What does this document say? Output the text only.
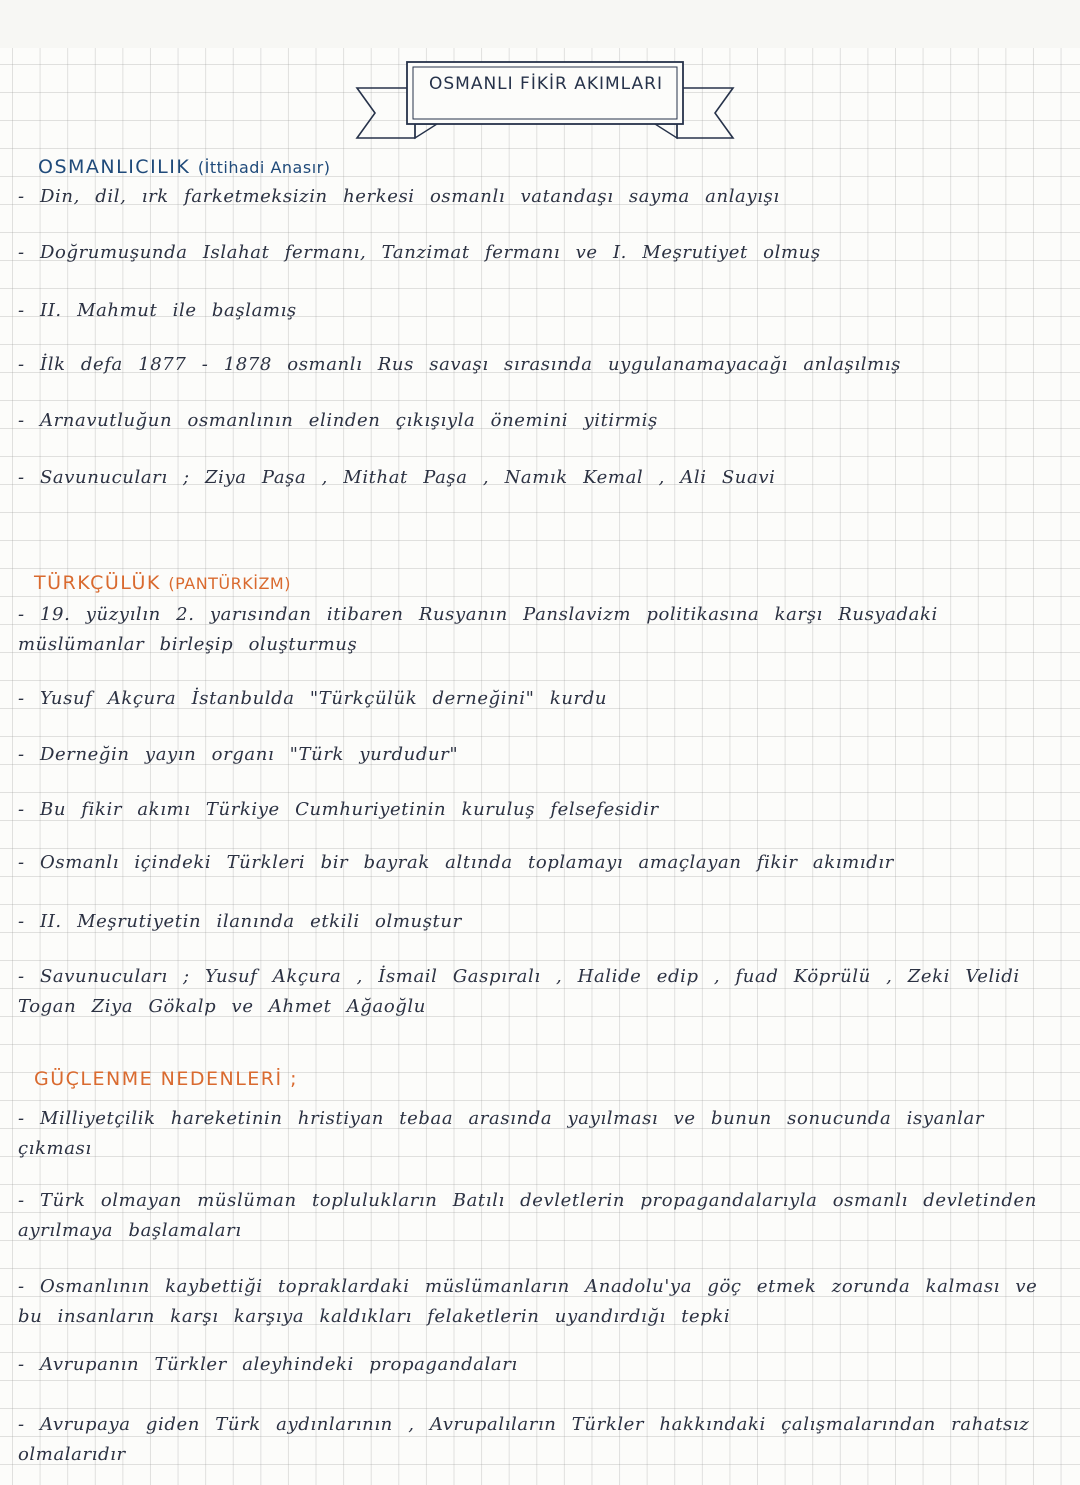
OSMANLI FİKİR AKIMLARI
OSMANLICILIK (İttihadi Anasır)
- Din, dil, ırk farketmeksizin herkesi osmanlı vatandaşı sayma anlayışı
- Doğrumuşunda Islahat fermanı, Tanzimat fermanı ve I. Meşrutiyet olmuş
- II. Mahmut ile başlamış
- İlk defa 1877 - 1878 osmanlı Rus savaşı sırasında uygulanamayacağı anlaşılmış
- Arnavutluğun osmanlının elinden çıkışıyla önemini yitirmiş
- Savunucuları ; Ziya Paşa , Mithat Paşa , Namık Kemal , Ali Suavi
TÜRKÇÜLÜK (PANTÜRKİZM)
- 19. yüzyılın 2. yarısından itibaren Rusyanın Panslavizm politikasına karşı Rusyadaki müslümanlar birleşip oluşturmuş
- Yusuf Akçura İstanbulda "Türkçülük derneğini" kurdu
- Derneğin yayın organı "Türk yurdudur"
- Bu fikir akımı Türkiye Cumhuriyetinin kuruluş felsefesidir
- Osmanlı içindeki Türkleri bir bayrak altında toplamayı amaçlayan fikir akımıdır
- II. Meşrutiyetin ilanında etkili olmuştur
- Savunucuları ; Yusuf Akçura , İsmail Gaspıralı , Halide edip , fuad Köprülü , Zeki Velidi Togan Ziya Gökalp ve Ahmet Ağaoğlu
GÜÇLENME NEDENLERİ ;
- Milliyetçilik hareketinin hristiyan tebaa arasında yayılması ve bunun sonucunda isyanlar çıkması
- Türk olmayan müslüman toplulukların Batılı devletlerin propagandalarıyla osmanlı devletinden ayrılmaya başlamaları
- Osmanlının kaybettiği topraklardaki müslümanların Anadolu'ya göç etmek zorunda kalması ve bu insanların karşı karşıya kaldıkları felaketlerin uyandırdığı tepki
- Avrupanın Türkler aleyhindeki propagandaları
- Avrupaya giden Türk aydınlarının , Avrupalıların Türkler hakkındaki çalışmalarından rahatsız olmalarıdır
